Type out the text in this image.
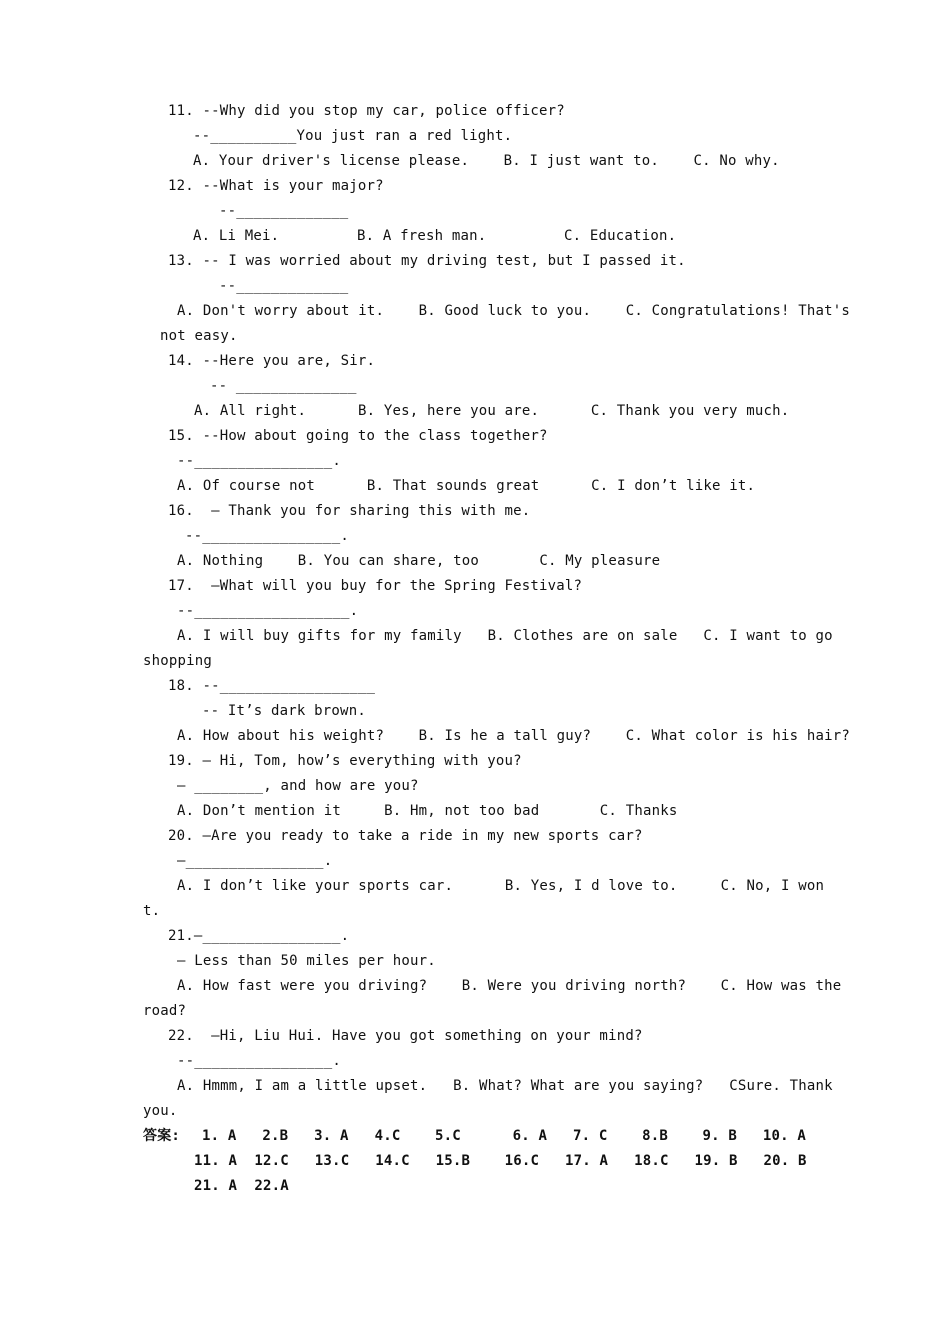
11. --Why did you stop my car, police officer?
--__________You just ran a red light.
A. Your driver's license please.    B. I just want to.    C. No why.
12. --What is your major?
--_____________
A. Li Mei.         B. A fresh man.         C. Education.
13. -- I was worried about my driving test, but I passed it.
--_____________
A. Don't worry about it.    B. Good luck to you.    C. Congratulations! That's
not easy.
14. --Here you are, Sir.
-- ______________
A. All right.      B. Yes, here you are.      C. Thank you very much.
15. --How about going to the class together?
--________________.
A. Of course not      B. That sounds great      C. I don’t like it.
16.  – Thank you for sharing this with me.
--________________.
A. Nothing    B. You can share, too       C. My pleasure
17.  –What will you buy for the Spring Festival?
--__________________.
A. I will buy gifts for my family   B. Clothes are on sale   C. I want to go
shopping
18. --__________________
-- It’s dark brown.
A. How about his weight?    B. Is he a tall guy?    C. What color is his hair?
19. — Hi, Tom, how’s everything with you?
— ________, and how are you?
A. Don’t mention it     B. Hm, not too bad       C. Thanks
20. —Are you ready to take a ride in my new sports car?
—________________.
A. I don’t like your sports car.      B. Yes, I d love to.     C. No, I won
t.
21.—________________.
— Less than 50 miles per hour.
A. How fast were you driving?    B. Were you driving north?    C. How was the
road?
22.  –Hi, Liu Hui. Have you got something on your mind?
--________________.
A. Hmmm, I am a little upset.   B. What? What are you saying?   CSure. Thank
you.
答案: 1. A   2.B   3. A   4.C    5.C      6. A   7. C    8.B    9. B   10. A
11. A  12.C   13.C   14.C   15.B    16.C   17. A   18.C   19. B   20. B
21. A  22.A
